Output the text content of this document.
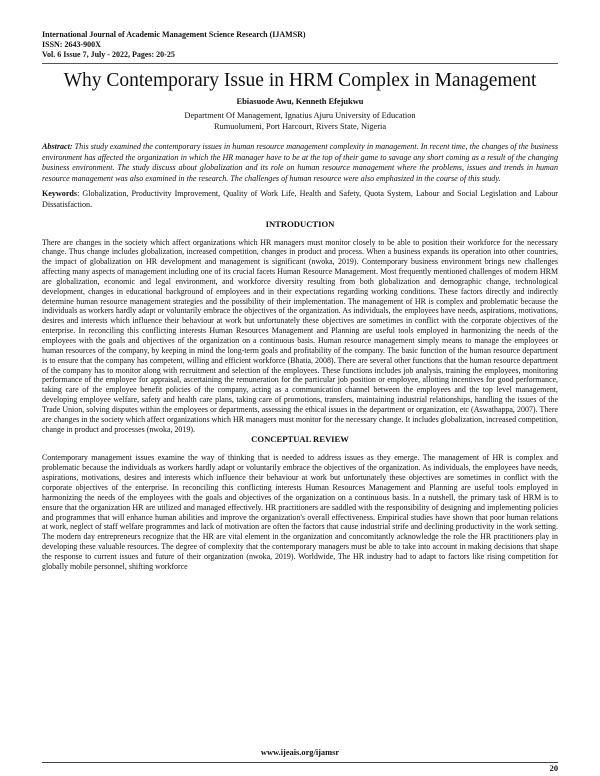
International Journal of Academic Management Science Research (IJAMSR)
ISSN: 2643-900X
Vol. 6 Issue 7, July - 2022, Pages: 20-25
Why Contemporary Issue in HRM Complex in Management
Ebiasuode Awu, Kenneth Efejukwu
Department Of Management, Ignatius Ajuru University of Education
Rumuolumeni, Port Harcourt, Rivers State, Nigeria
Abstract: This study examined the contemporary issues in human resource management complexity in management. In recent time, the changes of the business environment has affected the organization in which the HR manager have to be at the top of their game to savage any short coming as a result of the changing business environment. The study discuss about globalization and its role on human resource management where the problems, issues and trends in human resource management was also examined in the research. The challenges of human resource were also emphasized in the course of this study.
Keywords: Globalization, Productivity Improvement, Quality of Work Life, Health and Safety, Quota System, Labour and Social Legislation and Labour Dissatisfaction.
INTRODUCTION
There are changes in the society which affect organizations which HR managers must monitor closely to be able to position their workforce for the necessary change. Thus change includes globalization, increased competition, changes in product and process. When a business expands its operation into other countries, the impact of globalization on HR development and management is significant (nwoka, 2019). Contemporary business environment brings new challenges affecting many aspects of management including one of its crucial facets Human Resource Management. Most frequently mentioned challenges of modern HRM are globalization, economic and legal environment, and workforce diversity resulting from both globalization and demographic change, technological development, changes in educational background of employees and in their expectations regarding working conditions. These factors directly and indirectly determine human resource management strategies and the possibility of their implementation. The management of HR is complex and problematic because the individuals as workers hardly adapt or voluntarily embrace the objectives of the organization. As individuals, the employees have needs, aspirations, motivations, desires and interests which influence their behaviour at work but unfortunately these objectives are sometimes in conflict with the corporate objectives of the enterprise. In reconciling this conflicting interests Human Resources Management and Planning are useful tools employed in harmonizing the needs of the employees with the goals and objectives of the organization on a continuous basis. Human resource management simply means to manage the employees or human resources of the company, by keeping in mind the long-term goals and profitability of the company. The basic function of the human resource department is to ensure that the company has competent, willing and efficient workforce (Bhatia, 2008). There are several other functions that the human resource department of the company has to monitor along with recruitment and selection of the employees. These functions includes job analysis, training the employees, monitoring performance of the employee for appraisal, ascertaining the remuneration for the particular job position or employee, allotting incentives for good performance, taking care of the employee benefit policies of the company, acting as a communication channel between the employees and the top level management, developing employee welfare, safety and health care plans, taking care of promotions, transfers, maintaining industrial relationships, handling the issues of the Trade Union, solving disputes within the employees or departments, assessing the ethical issues in the department or organization, etc (Aswathappa, 2007). There are changes in the society which affect organizations which HR managers must monitor for the necessary change. It includes globalization, increased competition, change in product and processes (nwoka, 2019).
CONCEPTUAL REVIEW
Contemporary management issues examine the way of thinking that is needed to address issues as they emerge. The management of HR is complex and problematic because the individuals as workers hardly adapt or voluntarily embrace the objectives of the organization. As individuals, the employees have needs, aspirations, motivations, desires and interests which influence their behaviour at work but unfortunately these objectives are sometimes in conflict with the corporate objectives of the enterprise. In reconciling this conflicting interests Human Resources Management and Planning are useful tools employed in harmonizing the needs of the employees with the goals and objectives of the organization on a continuous basis. In a nutshell, the primary task of HRM is to ensure that the organization HR are utilized and managed effectively. HR practitioners are saddled with the responsibility of designing and implementing policies and programmes that will enhance human abilities and improve the organization's overall effectiveness. Empirical studies have shown that poor human relations at work, neglect of staff welfare programmes and lack of motivation are often the factors that cause industrial strife and declining productivity in the work setting. The modern day entrepreneurs recognize that the HR are vital element in the organization and concomitantly acknowledge the role the HR practitioners play in developing these valuable resources. The degree of complexity that the contemporary managers must be able to take into account in making decisions that shape the response to current issues and future of their organization (nwoka, 2019). Worldwide, The HR industry had to adapt to factors like rising competition for globally mobile personnel, shifting workforce
www.ijeais.org/ijamsr
20
